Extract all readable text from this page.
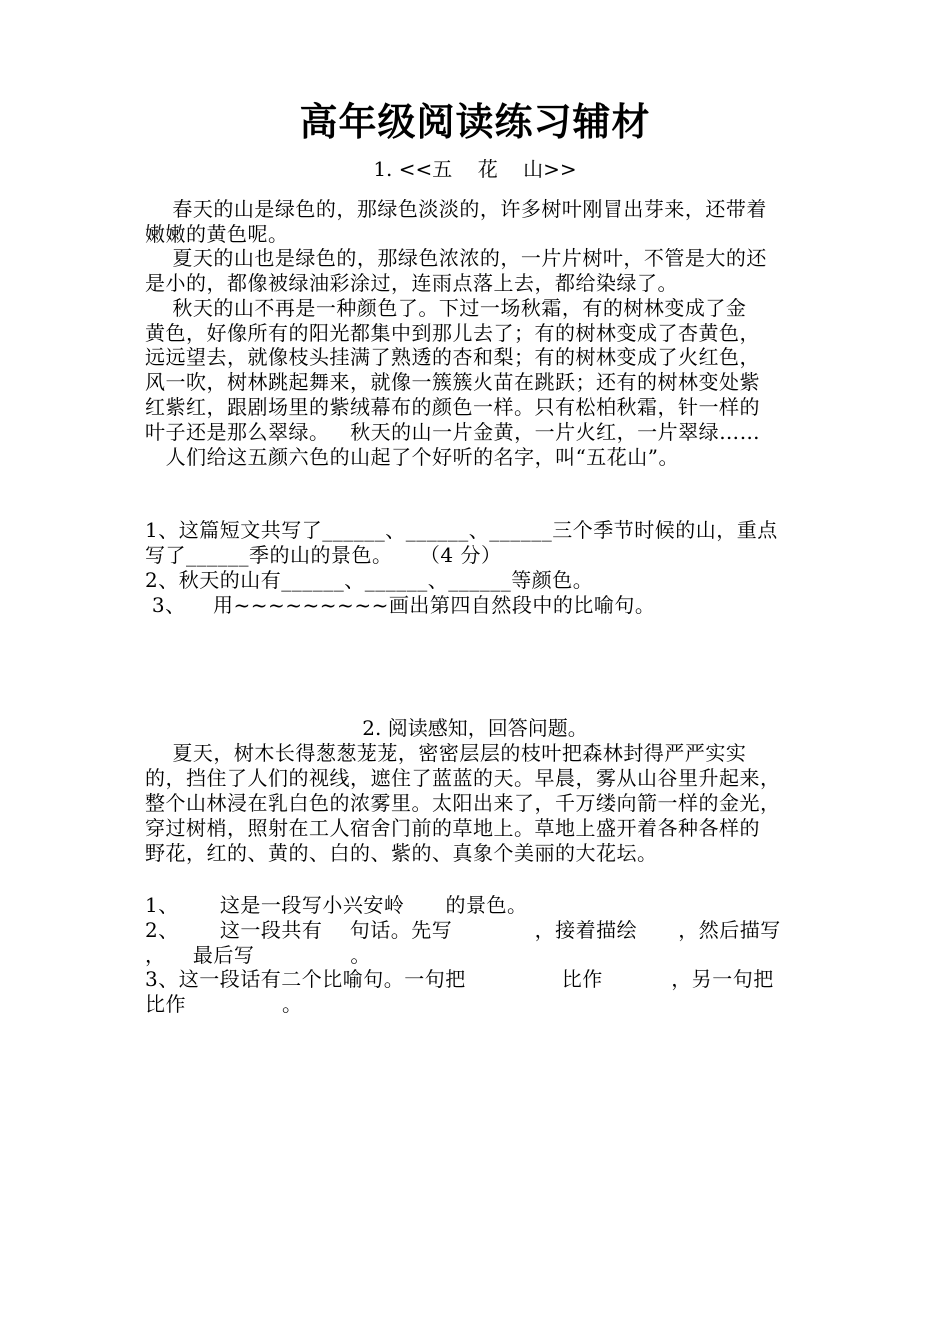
高年级阅读练习辅材
1. <<五    花    山>>
春天的山是绿色的，那绿色淡淡的，许多树叶刚冒出芽来，还带着
嫩嫩的黄色呢。
夏天的山也是绿色的，那绿色浓浓的，一片片树叶，不管是大的还
是小的，都像被绿油彩涂过，连雨点落上去，都给染绿了。
秋天的山不再是一种颜色了。下过一场秋霜，有的树林变成了金
黄色，好像所有的阳光都集中到那儿去了；有的树林变成了杏黄色，
远远望去，就像枝头挂满了熟透的杏和梨；有的树林变成了火红色，
风一吹，树林跳起舞来，就像一簇簇火苗在跳跃；还有的树林变处紫
红紫红，跟剧场里的紫绒幕布的颜色一样。只有松柏秋霜，针一样的
叶子还是那么翠绿。   秋天的山一片金黄，一片火红，一片翠绿……
人们给这五颜六色的山起了个好听的名字，叫“五花山”。
1、这篇短文共写了______、______、______三个季节时候的山，重点
写了______季的山的景色。    （4 分）
2、秋天的山有______、______、______等颜色。
3、    用~~~~~~~~~画出第四自然段中的比喻句。
2. 阅读感知，回答问题。
夏天，树木长得葱葱茏茏，密密层层的枝叶把森林封得严严实实
的，挡住了人们的视线，遮住了蓝蓝的天。早晨，雾从山谷里升起来，
整个山林浸在乳白色的浓雾里。太阳出来了，千万缕向箭一样的金光，
穿过树梢，照射在工人宿舍门前的草地上。草地上盛开着各种各样的
野花，红的、黄的、白的、紫的、真象个美丽的大花坛。
1、      这是一段写小兴安岭      的景色。
2、      这一段共有    句话。先写            ，接着描绘      ，然后描写
，    最后写              。
3、这一段话有二个比喻句。一句把              比作          ，另一句把
比作              。
